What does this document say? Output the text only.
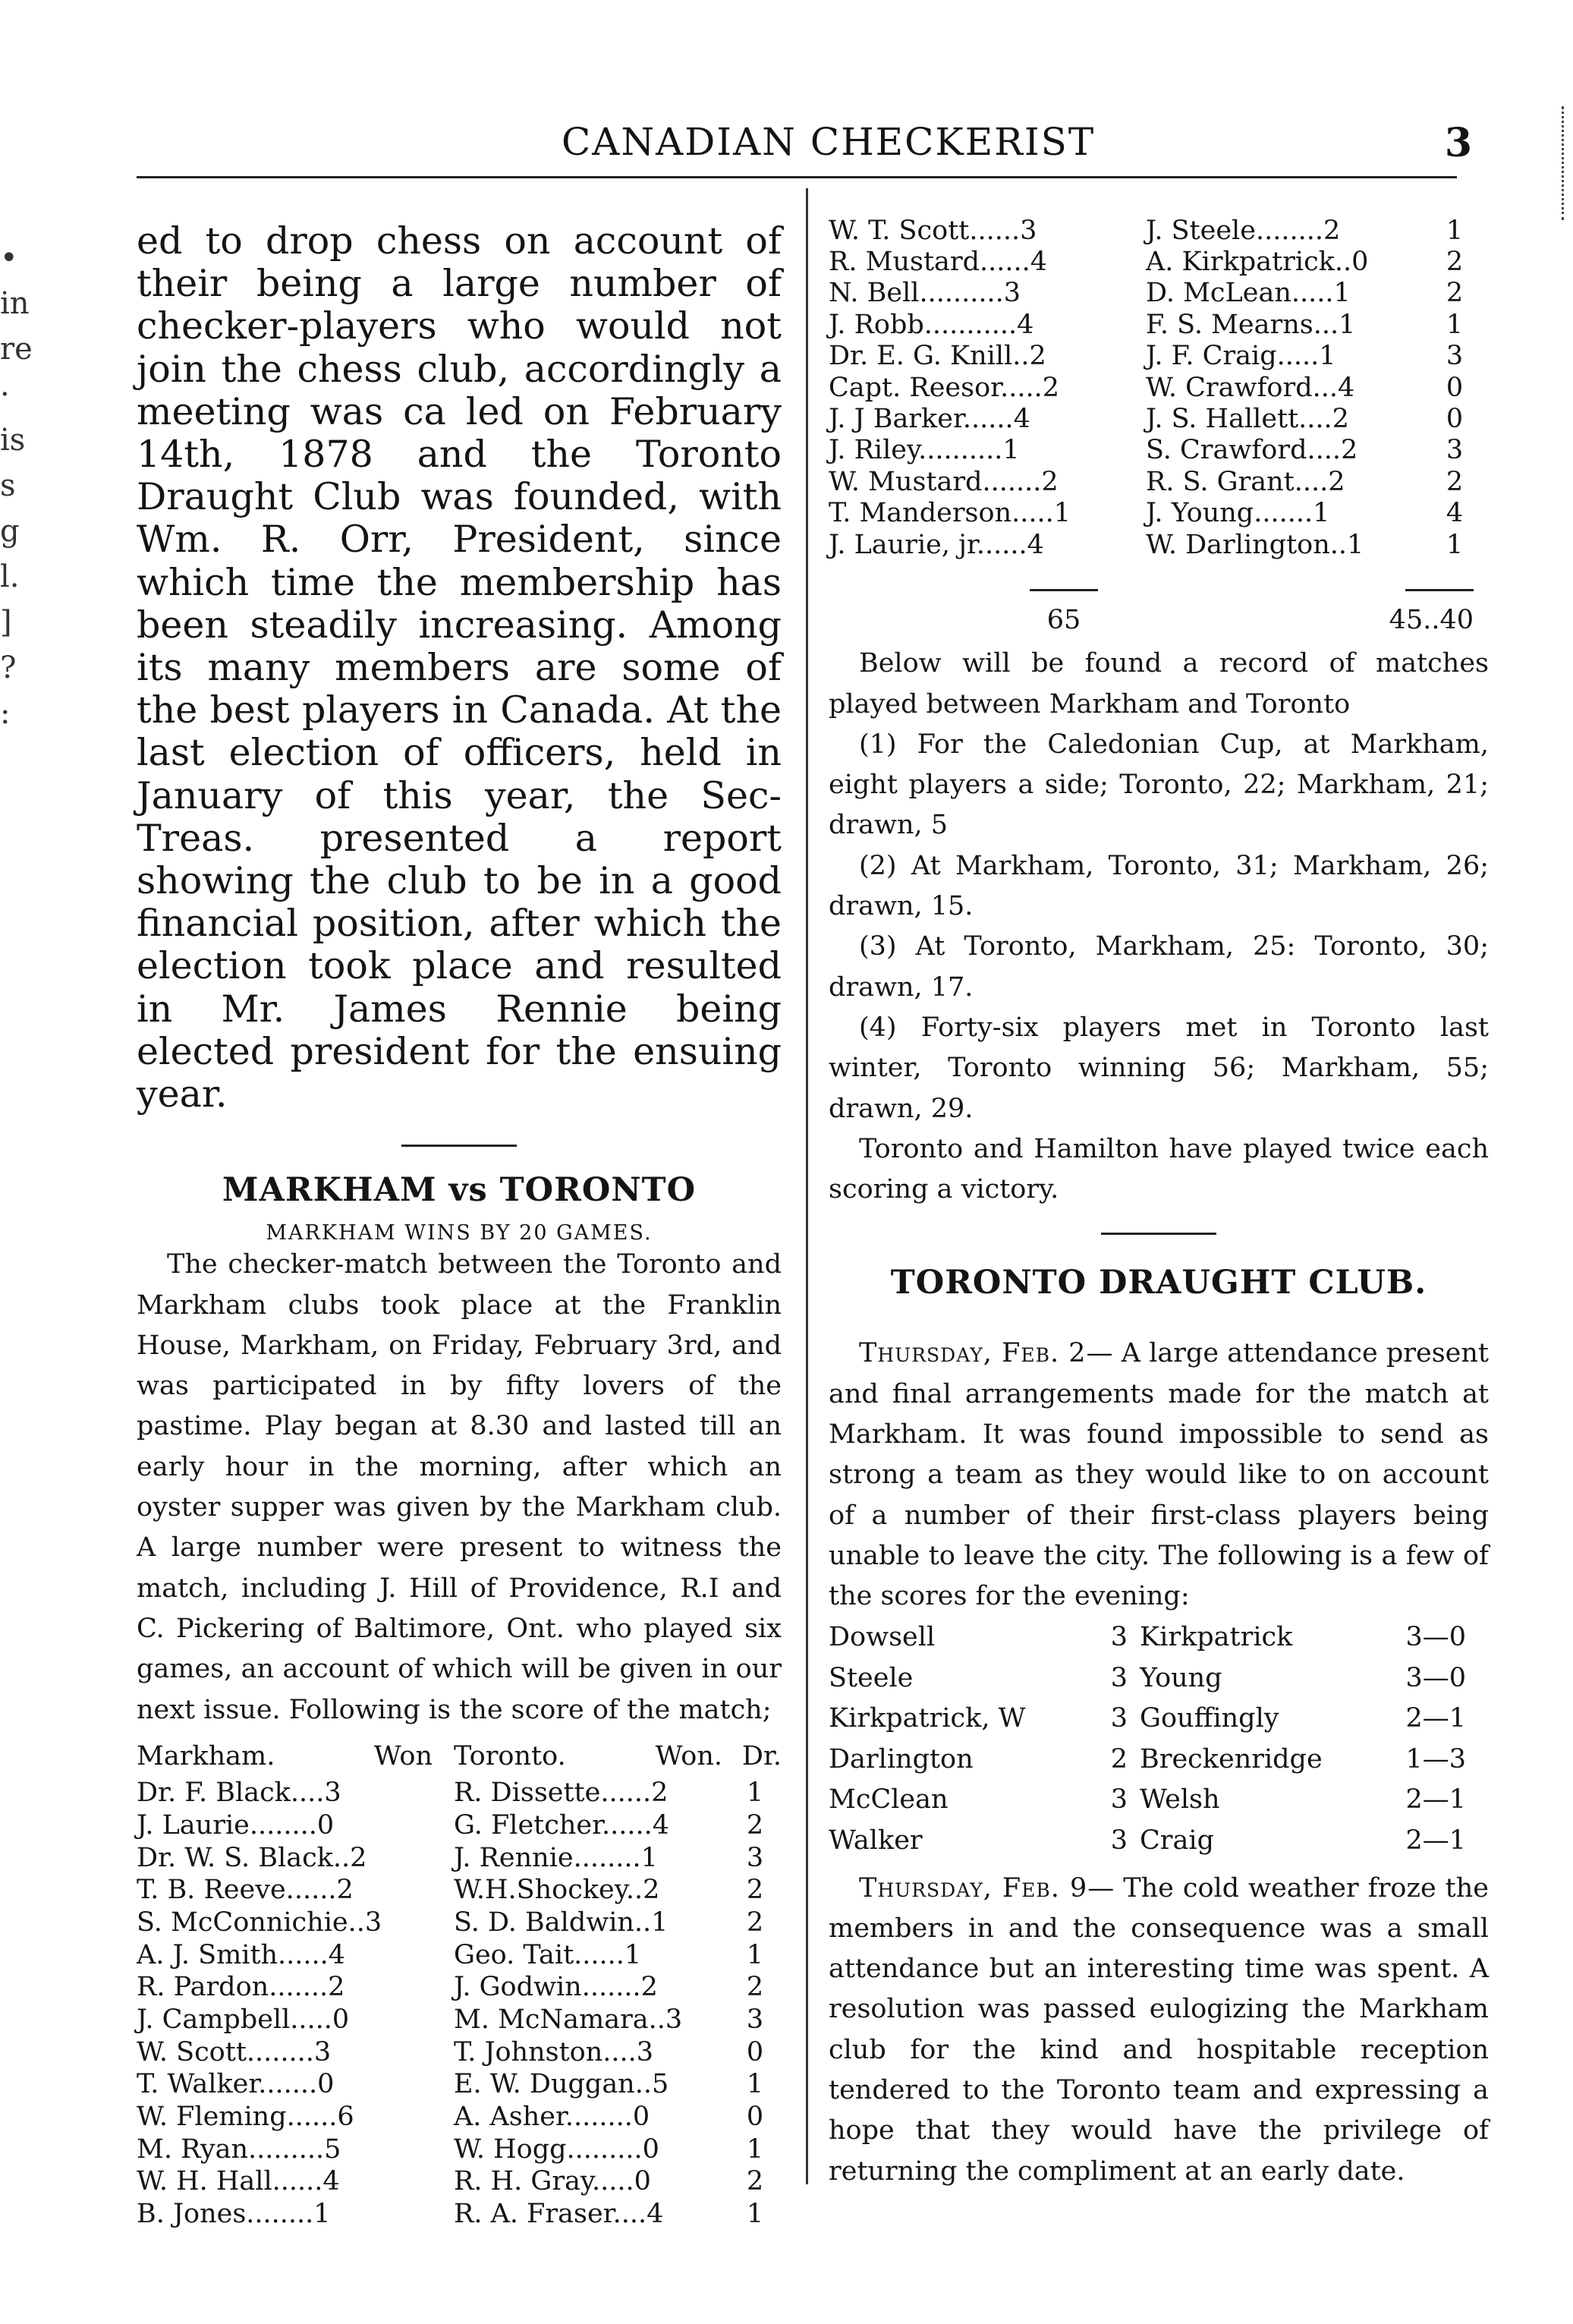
CANADIAN CHECKERIST	3
•
in
re
·
is
s
g
l.
]
?
:

ed to drop chess on account of their being a large number of checker-players who would not join the chess club, accordingly a meeting was ca led on February 14th, 1878 and the Toronto Draught Club was founded, with Wm. R. Orr, President, since which time the membership has been steadily increasing. Among its many members are some of the best players in Canada. At the last election of officers, held in January of this year, the Sec-Treas. presented a report showing the club to be in a good financial position, after which the election took place and resulted in Mr. James Rennie being elected president for the ensuing year.

MARKHAM vs TORONTO
MARKHAM WINS BY 20 GAMES.

The checker-match between the Toronto and Markham clubs took place at the Franklin House, Markham, on Friday, February 3rd, and was participated in by fifty lovers of the pastime. Play began at 8.30 and lasted till an early hour in the morning, after which an oyster supper was given by the Markham club. A large number were present to witness the match, including J. Hill of Providence, R.I and C. Pickering of Baltimore, Ont. who played six games, an account of which will be given in our next issue. Following is the score of the match;

Markham. Won	Toronto. Won.	Dr.
Dr. F. Black....3	R. Dissette......2	1
J. Laurie........0	G. Fletcher......4	2
Dr. W. S. Black..2	J. Rennie........1	3
T. B. Reeve......2	W.H.Shockey..2	2
S. McConnichie..3	S. D. Baldwin..1	2
A. J. Smith......4	Geo. Tait......1	1
R. Pardon.......2	J. Godwin.......2	2
J. Campbell.....0	M. McNamara..3	3
W. Scott........3	T. Johnston....3	0
T. Walker.......0	E. W. Duggan..5	1
W. Fleming......6	A. Asher........0	0
M. Ryan.........5	W. Hogg.........0	1
W. H. Hall......4	R. H. Gray.....0	2
B. Jones........1	R. A. Fraser....4	1
W. T. Scott......3	J. Steele........2	1
R. Mustard......4	A. Kirkpatrick..0	2
N. Bell..........3	D. McLean.....1	2
J. Robb...........4	F. S. Mearns...1	1
Dr. E. G. Knill..2	J. F. Craig.....1	3
Capt. Reesor.....2	W. Crawford...4	0
J. J Barker......4	J. S. Hallett....2	0
J. Riley..........1	S. Crawford....2	3
W. Mustard.......2	R. S. Grant....2	2
T. Manderson.....1	J. Young.......1	4
J. Laurie, jr......4	W. Darlington..1	1

65	45..40

Below will be found a record of matches played between Markham and Toronto

(1) For the Caledonian Cup, at Markham, eight players a side; Toronto, 22; Markham, 21; drawn, 5

(2) At Markham, Toronto, 31; Markham, 26; drawn, 15.

(3) At Toronto, Markham, 25: Toronto, 30; drawn, 17.

(4) Forty-six players met in Toronto last winter, Toronto winning 56; Markham, 55; drawn, 29.

Toronto and Hamilton have played twice each scoring a victory.

TORONTO DRAUGHT CLUB.

Thursday, Feb. 2— A large attendance present and final arrangements made for the match at Markham. It was found impossible to send as strong a team as they would like to on account of a number of their first-class players being unable to leave the city. The following is a few of the scores for the evening:

Dowsell	3	Kirkpatrick	3—0
Steele	3	Young	3—0
Kirkpatrick, W	3	Gouffingly	2—1
Darlington	2	Breckenridge	1—3
McClean	3	Welsh	2—1
Walker	3	Craig	2—1

Thursday, Feb. 9— The cold weather froze the members in and the consequence was a small attendance but an interesting time was spent. A resolution was passed eulogizing the Markham club for the kind and hospitable reception tendered to the Toronto team and expressing a hope that they would have the privilege of returning the compliment at an early date.
